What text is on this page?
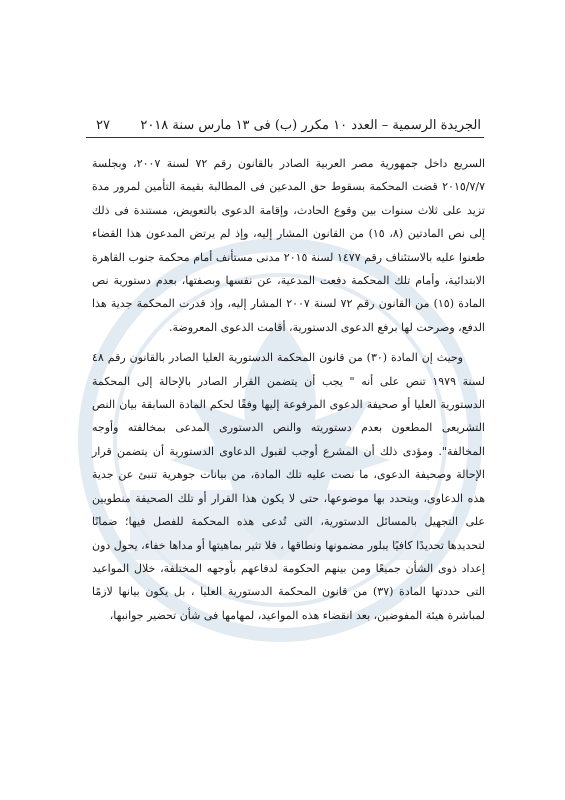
الجريدة الرسمية – العدد ١٠ مكرر (ب) فى ١٣ مارس سنة ٢٠١٨
٢٧

السريع داخل جمهورية مصر العربية الصادر بالقانون رقم ٧٢ لسنة ٢٠٠٧، وبجلسة ٢٠١٥/٧/٧ قضت المحكمة بسقوط حق المدعين فى المطالبة بقيمة التأمين لمرور مدة تزيد على ثلاث سنوات بين وقوع الحادث، وإقامة الدعوى بالتعويض، مستندة فى ذلك إلى نص المادتين (٨، ١٥) من القانون المشار إليه، وإذ لم يرتض المدعون هذا القضاء طعنوا عليه بالاستئناف رقم ١٤٧٧ لسنة ٢٠١٥ مدنى مستأنف أمام محكمة جنوب القاهرة الابتدائية، وأمام تلك المحكمة دفعت المدعية، عن نفسها وبصفتها، بعدم دستورية نص المادة (١٥) من القانون رقم ٧٢ لسنة ٢٠٠٧ المشار إليه، وإذ قدرت المحكمة جدية هذا الدفع، وصرحت لها برفع الدعوى الدستورية، أقامت الدعوى المعروضة.

وحيث إن المادة (٣٠) من قانون المحكمة الدستورية العليا الصادر بالقانون رقم ٤٨ لسنة ١٩٧٩ تنص على أنه " يجب أن يتضمن القرار الصادر بالإحالة إلى المحكمة الدستورية العليا أو صحيفة الدعوى المرفوعة إليها وفقًا لحكم المادة السابقة بيان النص التشريعى المطعون بعدم دستوريته والنص الدستورى المدعى بمخالفته وأوجه المخالفة". ومؤدى ذلك أن المشرع أوجب لقبول الدعاوى الدستورية أن يتضمن قرار الإحالة وصحيفة الدعوى، ما نصت عليه تلك المادة، من بيانات جوهرية تنبئ عن جدية هذه الدعاوى، ويتحدد بها موضوعها، حتى لا يكون هذا القرار أو تلك الصحيفة منطويين على التجهيل بالمسائل الدستورية، التى تُدعى هذه المحكمة للفصل فيها؛ ضمانًا لتحديدها تحديدًا كافيًا يبلور مضمونها ونطاقها ، فلا تثير بماهيتها أو مداها خفاء، يحول دون إعداد ذوى الشأن جميعًا ومن بينهم الحكومة لدفاعهم بأوجهه المختلفة، خلال المواعيد التى حددتها المادة (٣٧) من قانون المحكمة الدستورية العليا ، بل يكون بيانها لازمًا لمباشرة هيئة المفوضين، بعد انقضاء هذه المواعيد، لمهامها فى شأن تحضير جوانبها،
